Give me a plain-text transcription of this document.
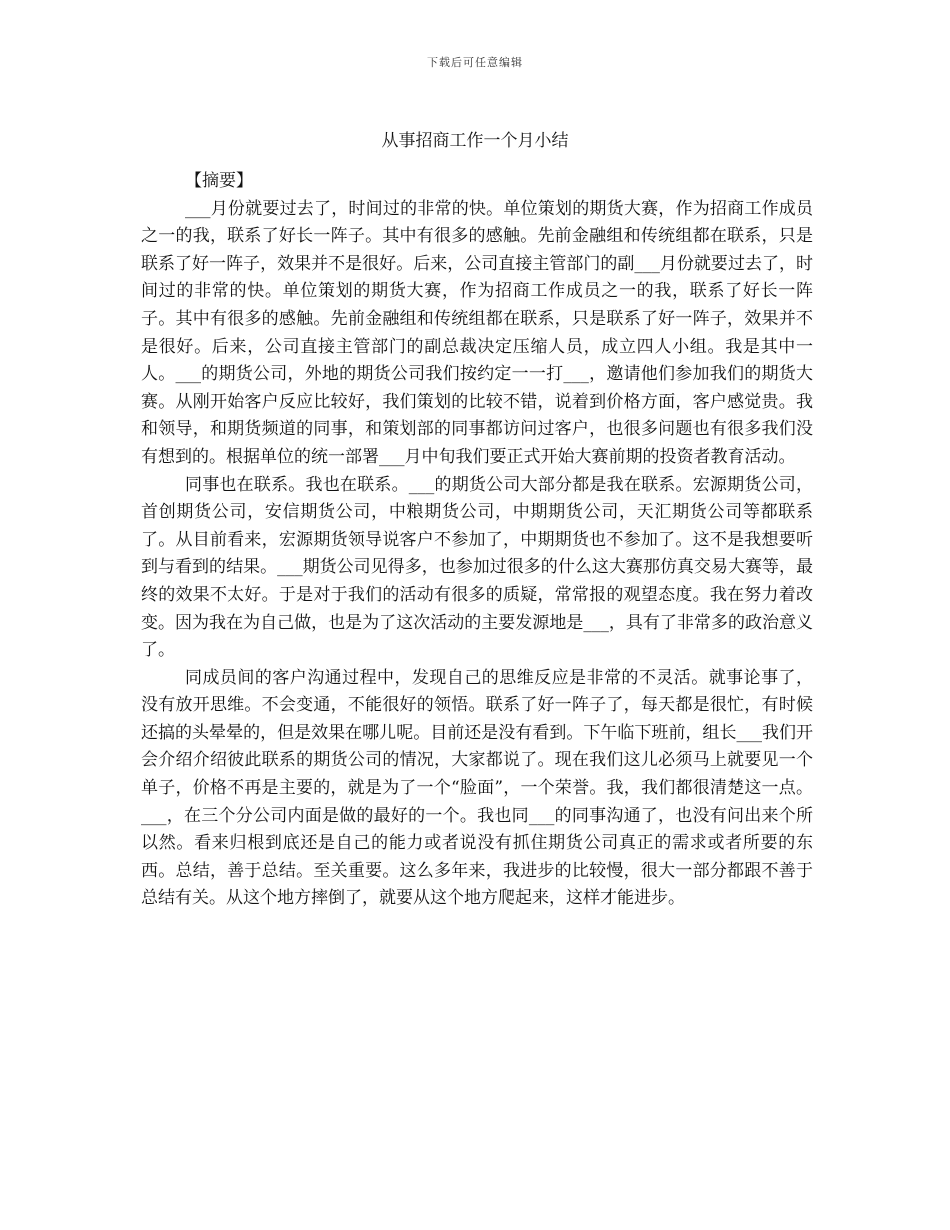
下载后可任意编辑
从事招商工作一个月小结

【摘要】

___月份就要过去了，时间过的非常的快。单位策划的期货大赛，作为招商工作成员之一的我，联系了好长一阵子。其中有很多的感触。先前金融组和传统组都在联系，只是联系了好一阵子，效果并不是很好。后来，公司直接主管部门的副___月份就要过去了，时间过的非常的快。单位策划的期货大赛，作为招商工作成员之一的我，联系了好长一阵子。其中有很多的感触。先前金融组和传统组都在联系，只是联系了好一阵子，效果并不是很好。后来，公司直接主管部门的副总裁决定压缩人员，成立四人小组。我是其中一人。___的期货公司，外地的期货公司我们按约定一一打___，邀请他们参加我们的期货大赛。从刚开始客户反应比较好，我们策划的比较不错，说着到价格方面，客户感觉贵。我和领导，和期货频道的同事，和策划部的同事都访问过客户，也很多问题也有很多我们没有想到的。根据单位的统一部署___月中旬我们要正式开始大赛前期的投资者教育活动。

同事也在联系。我也在联系。___的期货公司大部分都是我在联系。宏源期货公司，首创期货公司，安信期货公司，中粮期货公司，中期期货公司，天汇期货公司等都联系了。从目前看来，宏源期货领导说客户不参加了，中期期货也不参加了。这不是我想要听到与看到的结果。___期货公司见得多，也参加过很多的什么这大赛那仿真交易大赛等，最终的效果不太好。于是对于我们的活动有很多的质疑，常常报的观望态度。我在努力着改变。因为我在为自己做，也是为了这次活动的主要发源地是___，具有了非常多的政治意义了。

同成员间的客户沟通过程中，发现自己的思维反应是非常的不灵活。就事论事了，没有放开思维。不会变通，不能很好的领悟。联系了好一阵子了，每天都是很忙，有时候还搞的头晕晕的，但是效果在哪儿呢。目前还是没有看到。下午临下班前，组长___我们开会介绍介绍彼此联系的期货公司的情况，大家都说了。现在我们这儿必须马上就要见一个单子，价格不再是主要的，就是为了一个“脸面”，一个荣誉。我，我们都很清楚这一点。___，在三个分公司内面是做的最好的一个。我也同___的同事沟通了，也没有问出来个所以然。看来归根到底还是自己的能力或者说没有抓住期货公司真正的需求或者所要的东西。总结，善于总结。至关重要。这么多年来，我进步的比较慢，很大一部分都跟不善于总结有关。从这个地方摔倒了，就要从这个地方爬起来，这样才能进步。
